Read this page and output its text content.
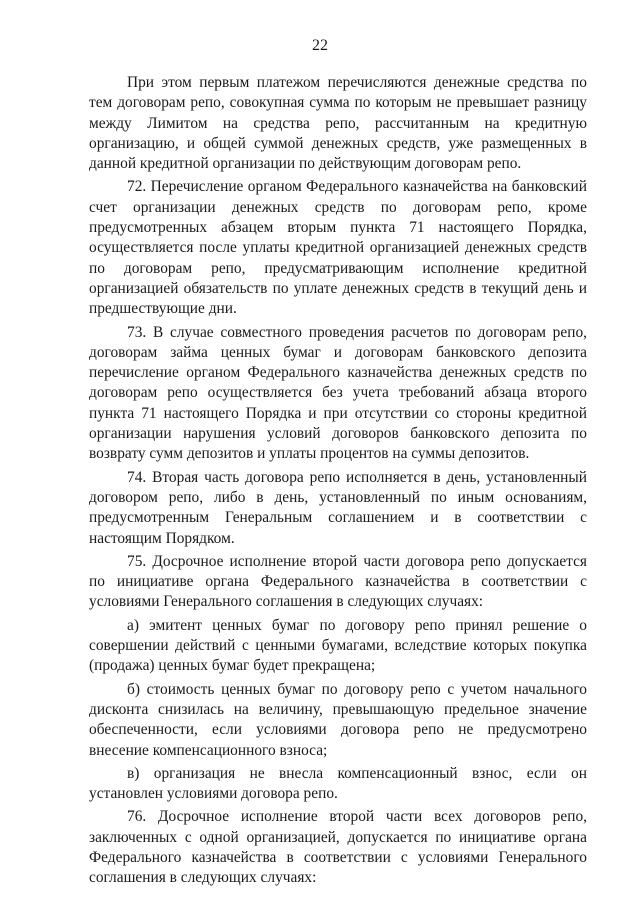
22

При этом первым платежом перечисляются денежные средства по тем договорам репо, совокупная сумма по которым не превышает разницу между Лимитом на средства репо, рассчитанным на кредитную организацию, и общей суммой денежных средств, уже размещенных в данной кредитной организации по действующим договорам репо.

72. Перечисление органом Федерального казначейства на банковский счет организации денежных средств по договорам репо, кроме предусмотренных абзацем вторым пункта 71 настоящего Порядка, осуществляется после уплаты кредитной организацией денежных средств по договорам репо, предусматривающим исполнение кредитной организацией обязательств по уплате денежных средств в текущий день и предшествующие дни.

73. В случае совместного проведения расчетов по договорам репо, договорам займа ценных бумаг и договорам банковского депозита перечисление органом Федерального казначейства денежных средств по договорам репо осуществляется без учета требований абзаца второго пункта 71 настоящего Порядка и при отсутствии со стороны кредитной организации нарушения условий договоров банковского депозита по возврату сумм депозитов и уплаты процентов на суммы депозитов.

74. Вторая часть договора репо исполняется в день, установленный договором репо, либо в день, установленный по иным основаниям, предусмотренным Генеральным соглашением и в соответствии с настоящим Порядком.

75. Досрочное исполнение второй части договора репо допускается по инициативе органа Федерального казначейства в соответствии с условиями Генерального соглашения в следующих случаях:

а) эмитент ценных бумаг по договору репо принял решение о совершении действий с ценными бумагами, вследствие которых покупка (продажа) ценных бумаг будет прекращена;

б) стоимость ценных бумаг по договору репо с учетом начального дисконта снизилась на величину, превышающую предельное значение обеспеченности, если условиями договора репо не предусмотрено внесение компенсационного взноса;

в) организация не внесла компенсационный взнос, если он установлен условиями договора репо.

76. Досрочное исполнение второй части всех договоров репо, заключенных с одной организацией, допускается по инициативе органа Федерального казначейства в соответствии с условиями Генерального соглашения в следующих случаях:
